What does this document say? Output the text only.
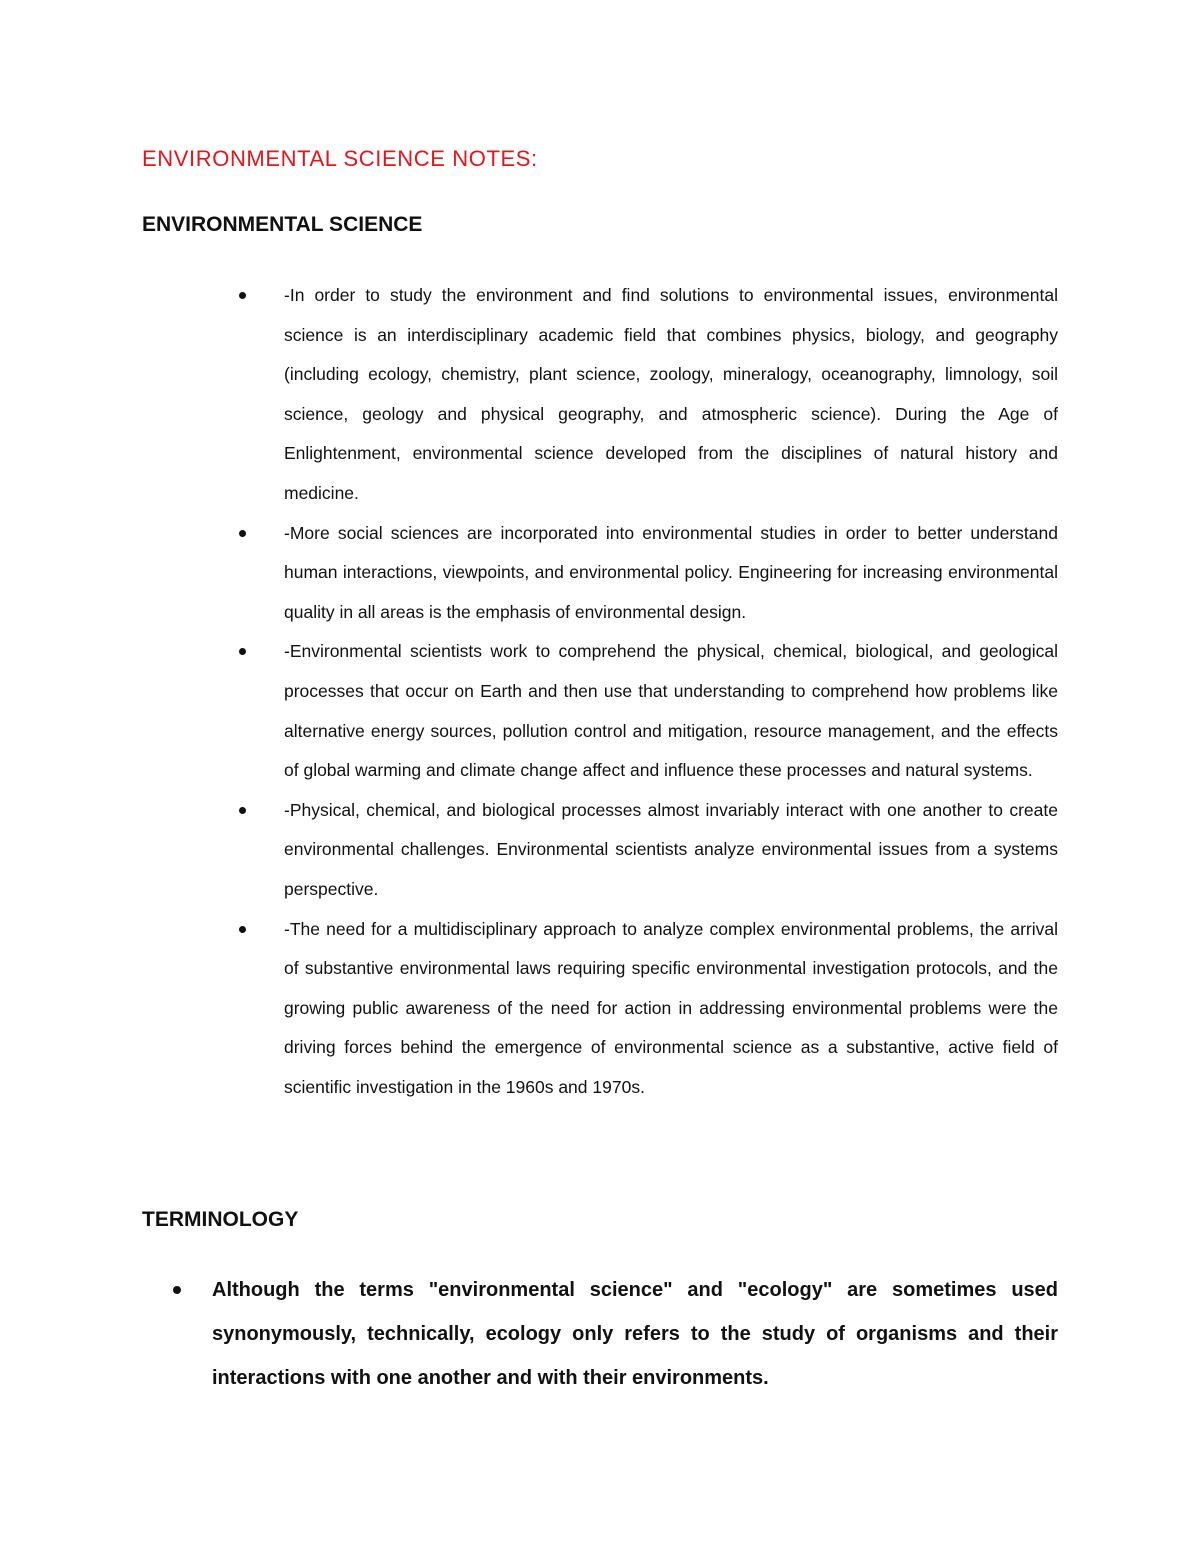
ENVIRONMENTAL SCIENCE NOTES:
ENVIRONMENTAL SCIENCE
-In order to study the environment and find solutions to environmental issues, environmental science is an interdisciplinary academic field that combines physics, biology, and geography (including ecology, chemistry, plant science, zoology, mineralogy, oceanography, limnology, soil science, geology and physical geography, and atmospheric science). During the Age of Enlightenment, environmental science developed from the disciplines of natural history and medicine.
-More social sciences are incorporated into environmental studies in order to better understand human interactions, viewpoints, and environmental policy. Engineering for increasing environmental quality in all areas is the emphasis of environmental design.
-Environmental scientists work to comprehend the physical, chemical, biological, and geological processes that occur on Earth and then use that understanding to comprehend how problems like alternative energy sources, pollution control and mitigation, resource management, and the effects of global warming and climate change affect and influence these processes and natural systems.
-Physical, chemical, and biological processes almost invariably interact with one another to create environmental challenges. Environmental scientists analyze environmental issues from a systems perspective.
-The need for a multidisciplinary approach to analyze complex environmental problems, the arrival of substantive environmental laws requiring specific environmental investigation protocols, and the growing public awareness of the need for action in addressing environmental problems were the driving forces behind the emergence of environmental science as a substantive, active field of scientific investigation in the 1960s and 1970s.
TERMINOLOGY
Although the terms "environmental science" and "ecology" are sometimes used synonymously, technically, ecology only refers to the study of organisms and their interactions with one another and with their environments.
